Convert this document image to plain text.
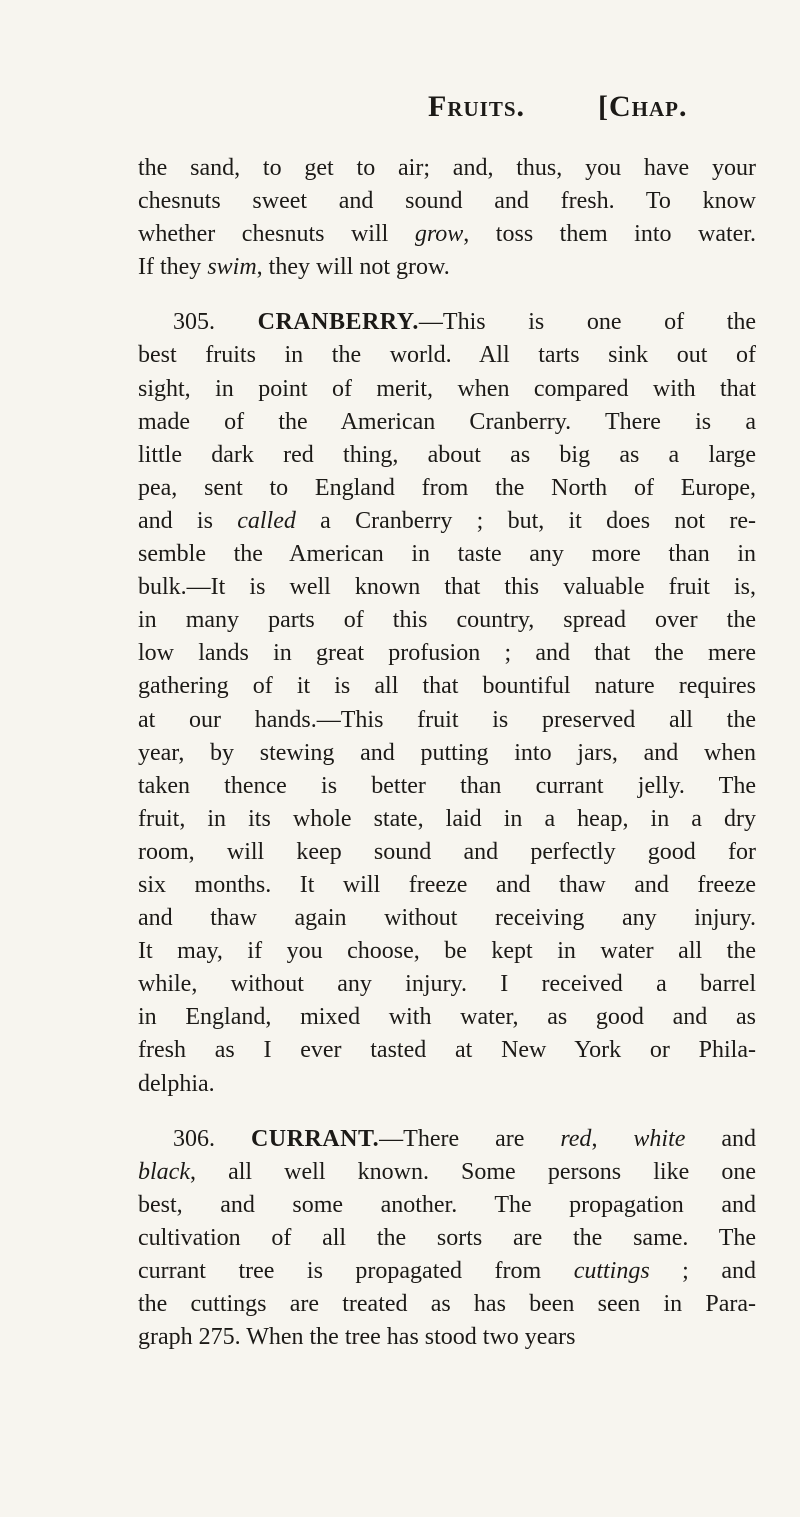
Fruits. [Chap.
the sand, to get to air; and, thus, you have your
chesnuts sweet and sound and fresh. To know
whether chesnuts will grow, toss them into water.
If they swim, they will not grow.
305. CRANBERRY.—This is one of the
best fruits in the world. All tarts sink out of
sight, in point of merit, when compared with that
made of the American Cranberry. There is a
little dark red thing, about as big as a large
pea, sent to England from the North of Europe,
and is called a Cranberry ; but, it does not re-
semble the American in taste any more than in
bulk.—It is well known that this valuable fruit is,
in many parts of this country, spread over the
low lands in great profusion ; and that the mere
gathering of it is all that bountiful nature requires
at our hands.—This fruit is preserved all the
year, by stewing and putting into jars, and when
taken thence is better than currant jelly. The
fruit, in its whole state, laid in a heap, in a dry
room, will keep sound and perfectly good for
six months. It will freeze and thaw and freeze
and thaw again without receiving any injury.
It may, if you choose, be kept in water all the
while, without any injury. I received a barrel
in England, mixed with water, as good and as
fresh as I ever tasted at New York or Phila-
delphia.
306. CURRANT.—There are red, white and
black, all well known. Some persons like one
best, and some another. The propagation and
cultivation of all the sorts are the same. The
currant tree is propagated from cuttings ; and
the cuttings are treated as has been seen in Para-
graph 275. When the tree has stood two years
